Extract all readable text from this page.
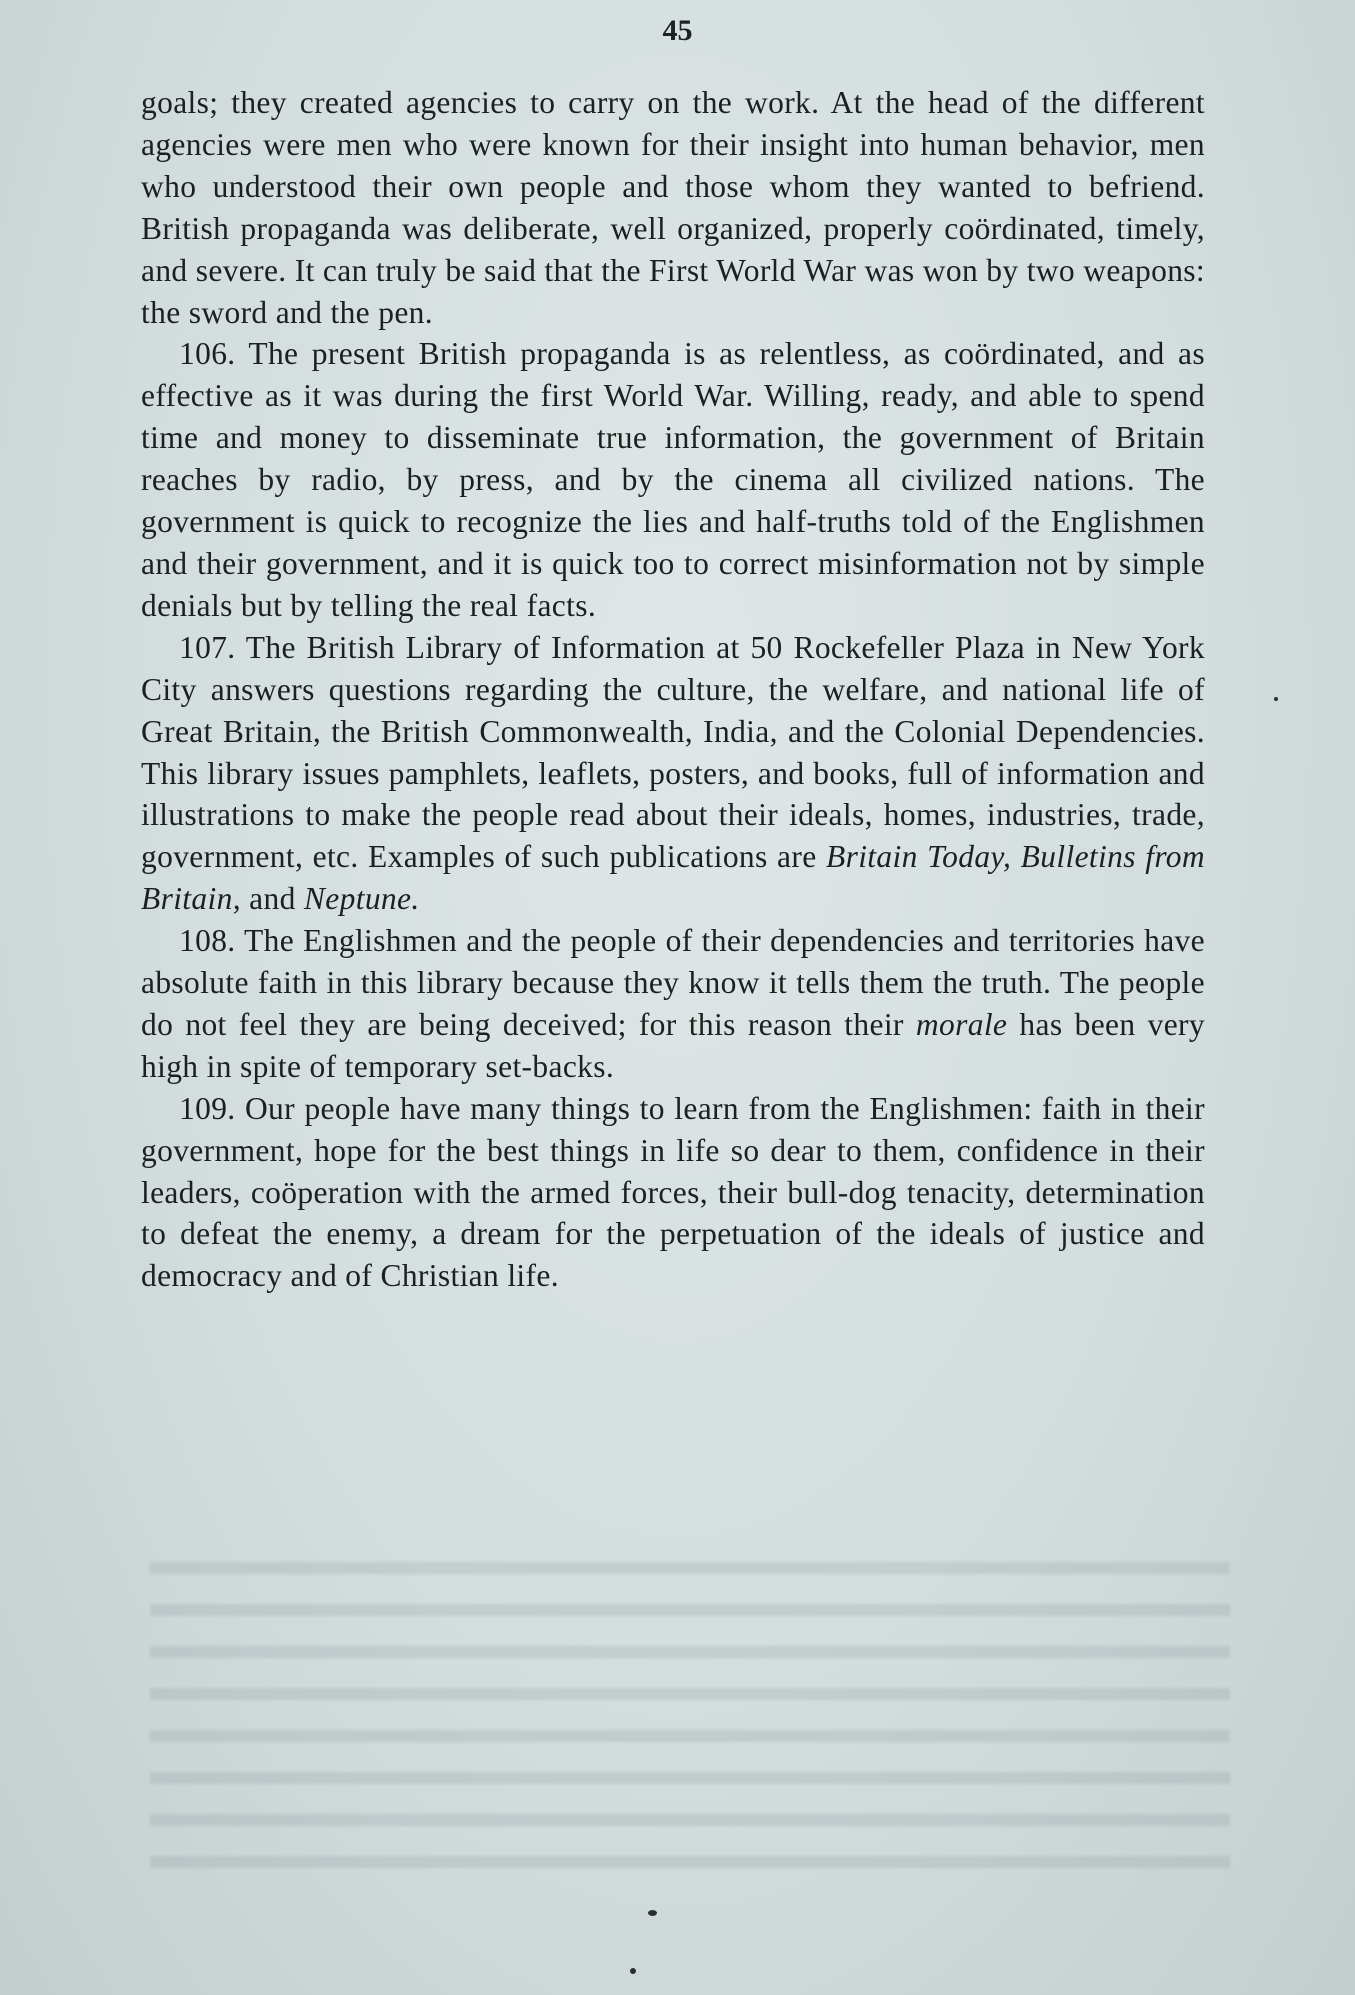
45

goals; they created agencies to carry on the work. At the head of the different agencies were men who were known for their insight into human behavior, men who understood their own people and those whom they wanted to befriend. British propaganda was deliberate, well organized, properly coördinated, timely, and severe. It can truly be said that the First World War was won by two weapons: the sword and the pen.

106. The present British propaganda is as relentless, as coördinated, and as effective as it was during the first World War. Willing, ready, and able to spend time and money to disseminate true information, the government of Britain reaches by radio, by press, and by the cinema all civilized nations. The government is quick to recognize the lies and half-truths told of the Englishmen and their government, and it is quick too to correct misinformation not by simple denials but by telling the real facts.

107. The British Library of Information at 50 Rockefeller Plaza in New York City answers questions regarding the culture, the welfare, and national life of Great Britain, the British Commonwealth, India, and the Colonial Dependencies. This library issues pamphlets, leaflets, posters, and books, full of information and illustrations to make the people read about their ideals, homes, industries, trade, government, etc. Examples of such publications are Britain Today, Bulletins from Britain, and Neptune.

108. The Englishmen and the people of their dependencies and territories have absolute faith in this library because they know it tells them the truth. The people do not feel they are being deceived; for this reason their morale has been very high in spite of temporary set-backs.

109. Our people have many things to learn from the Englishmen: faith in their government, hope for the best things in life so dear to them, confidence in their leaders, coöperation with the armed forces, their bull-dog tenacity, determination to defeat the enemy, a dream for the perpetuation of the ideals of justice and democracy and of Christian life.
